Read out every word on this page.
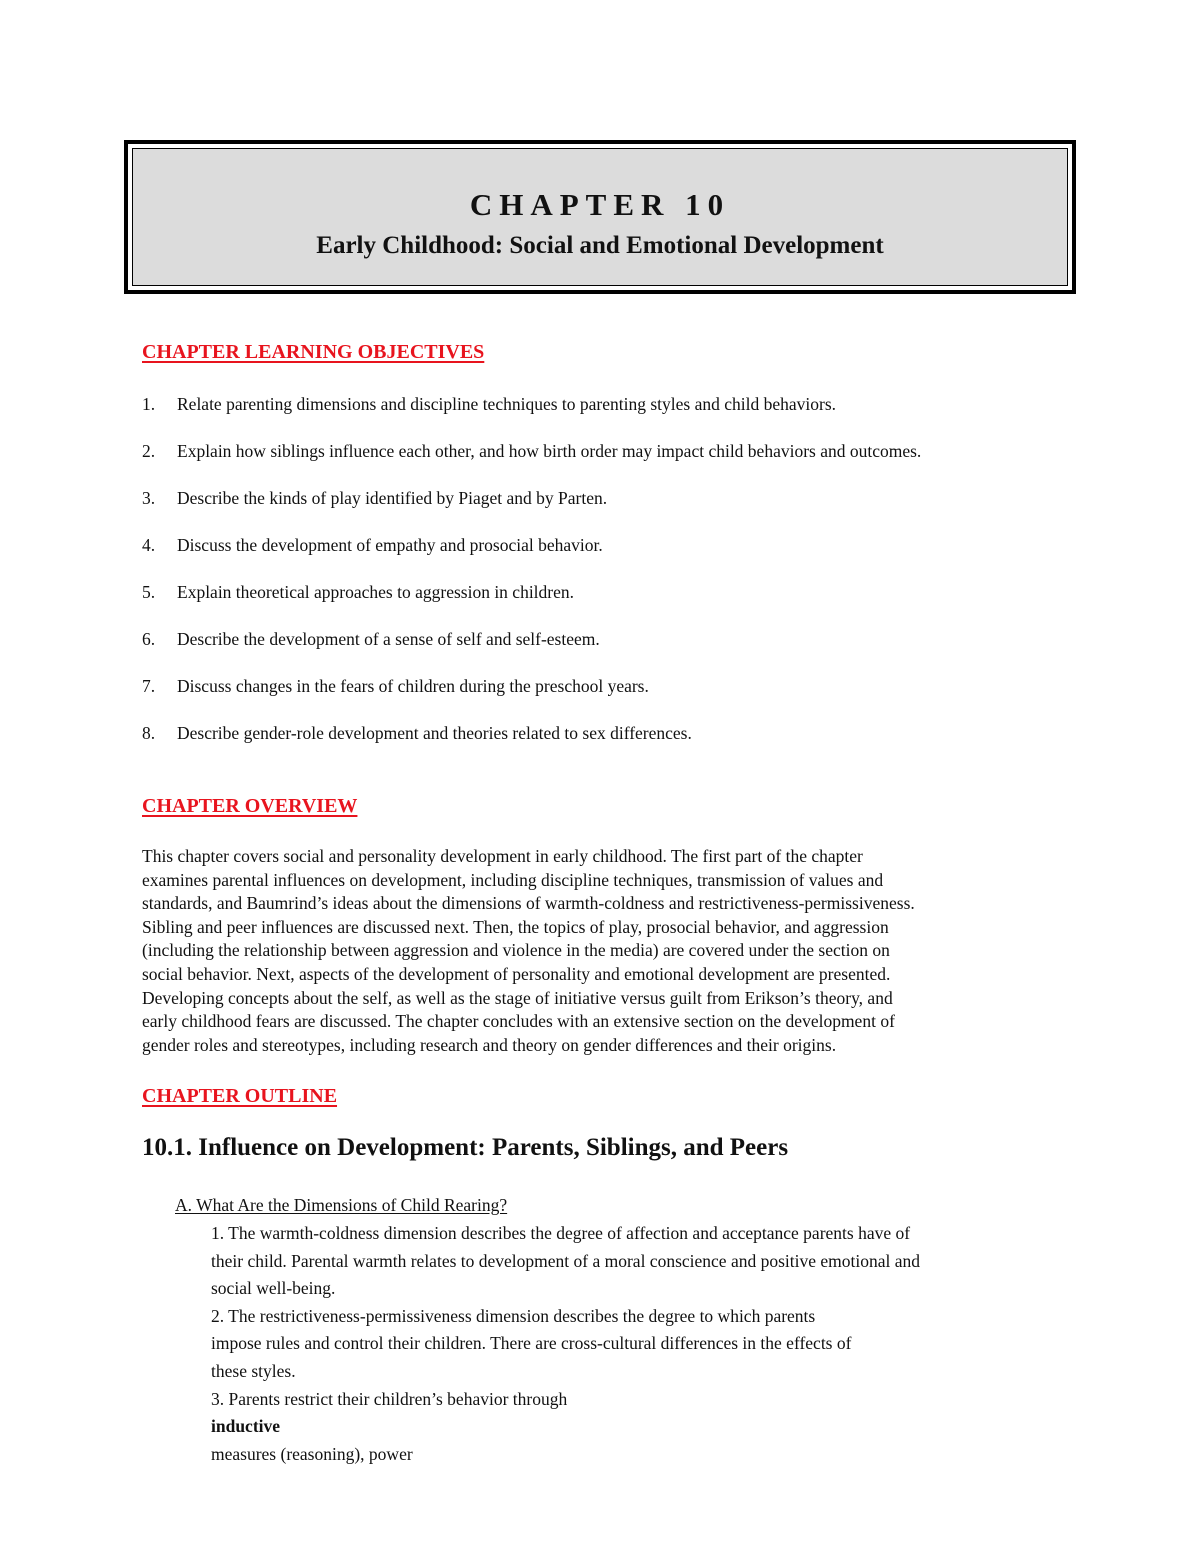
CHAPTER 10
Early Childhood: Social and Emotional Development
CHAPTER LEARNING OBJECTIVES
1. Relate parenting dimensions and discipline techniques to parenting styles and child behaviors.
2. Explain how siblings influence each other, and how birth order may impact child behaviors and outcomes.
3. Describe the kinds of play identified by Piaget and by Parten.
4. Discuss the development of empathy and prosocial behavior.
5. Explain theoretical approaches to aggression in children.
6. Describe the development of a sense of self and self-esteem.
7. Discuss changes in the fears of children during the preschool years.
8. Describe gender-role development and theories related to sex differences.
CHAPTER OVERVIEW

This chapter covers social and personality development in early childhood. The first part of the chapter
examines parental influences on development, including discipline techniques, transmission of values and
standards, and Baumrind’s ideas about the dimensions of warmth-coldness and restrictiveness-permissiveness.
Sibling and peer influences are discussed next. Then, the topics of play, prosocial behavior, and aggression
(including the relationship between aggression and violence in the media) are covered under the section on
social behavior. Next, aspects of the development of personality and emotional development are presented.
Developing concepts about the self, as well as the stage of initiative versus guilt from Erikson’s theory, and
early childhood fears are discussed. The chapter concludes with an extensive section on the development of
gender roles and stereotypes, including research and theory on gender differences and their origins.

CHAPTER OUTLINE
10.1. Influence on Development: Parents, Siblings, and Peers
A. What Are the Dimensions of Child Rearing?

1. The warmth-coldness dimension describes the degree of affection and acceptance parents have of
their child. Parental warmth relates to development of a moral conscience and positive emotional and
social well-being.
2. The restrictiveness-permissiveness dimension describes the degree to which parents
impose rules and control their children. There are cross-cultural differences in the effects of
these styles.
3. Parents restrict their children’s behavior through
inductive
measures (reasoning), power
